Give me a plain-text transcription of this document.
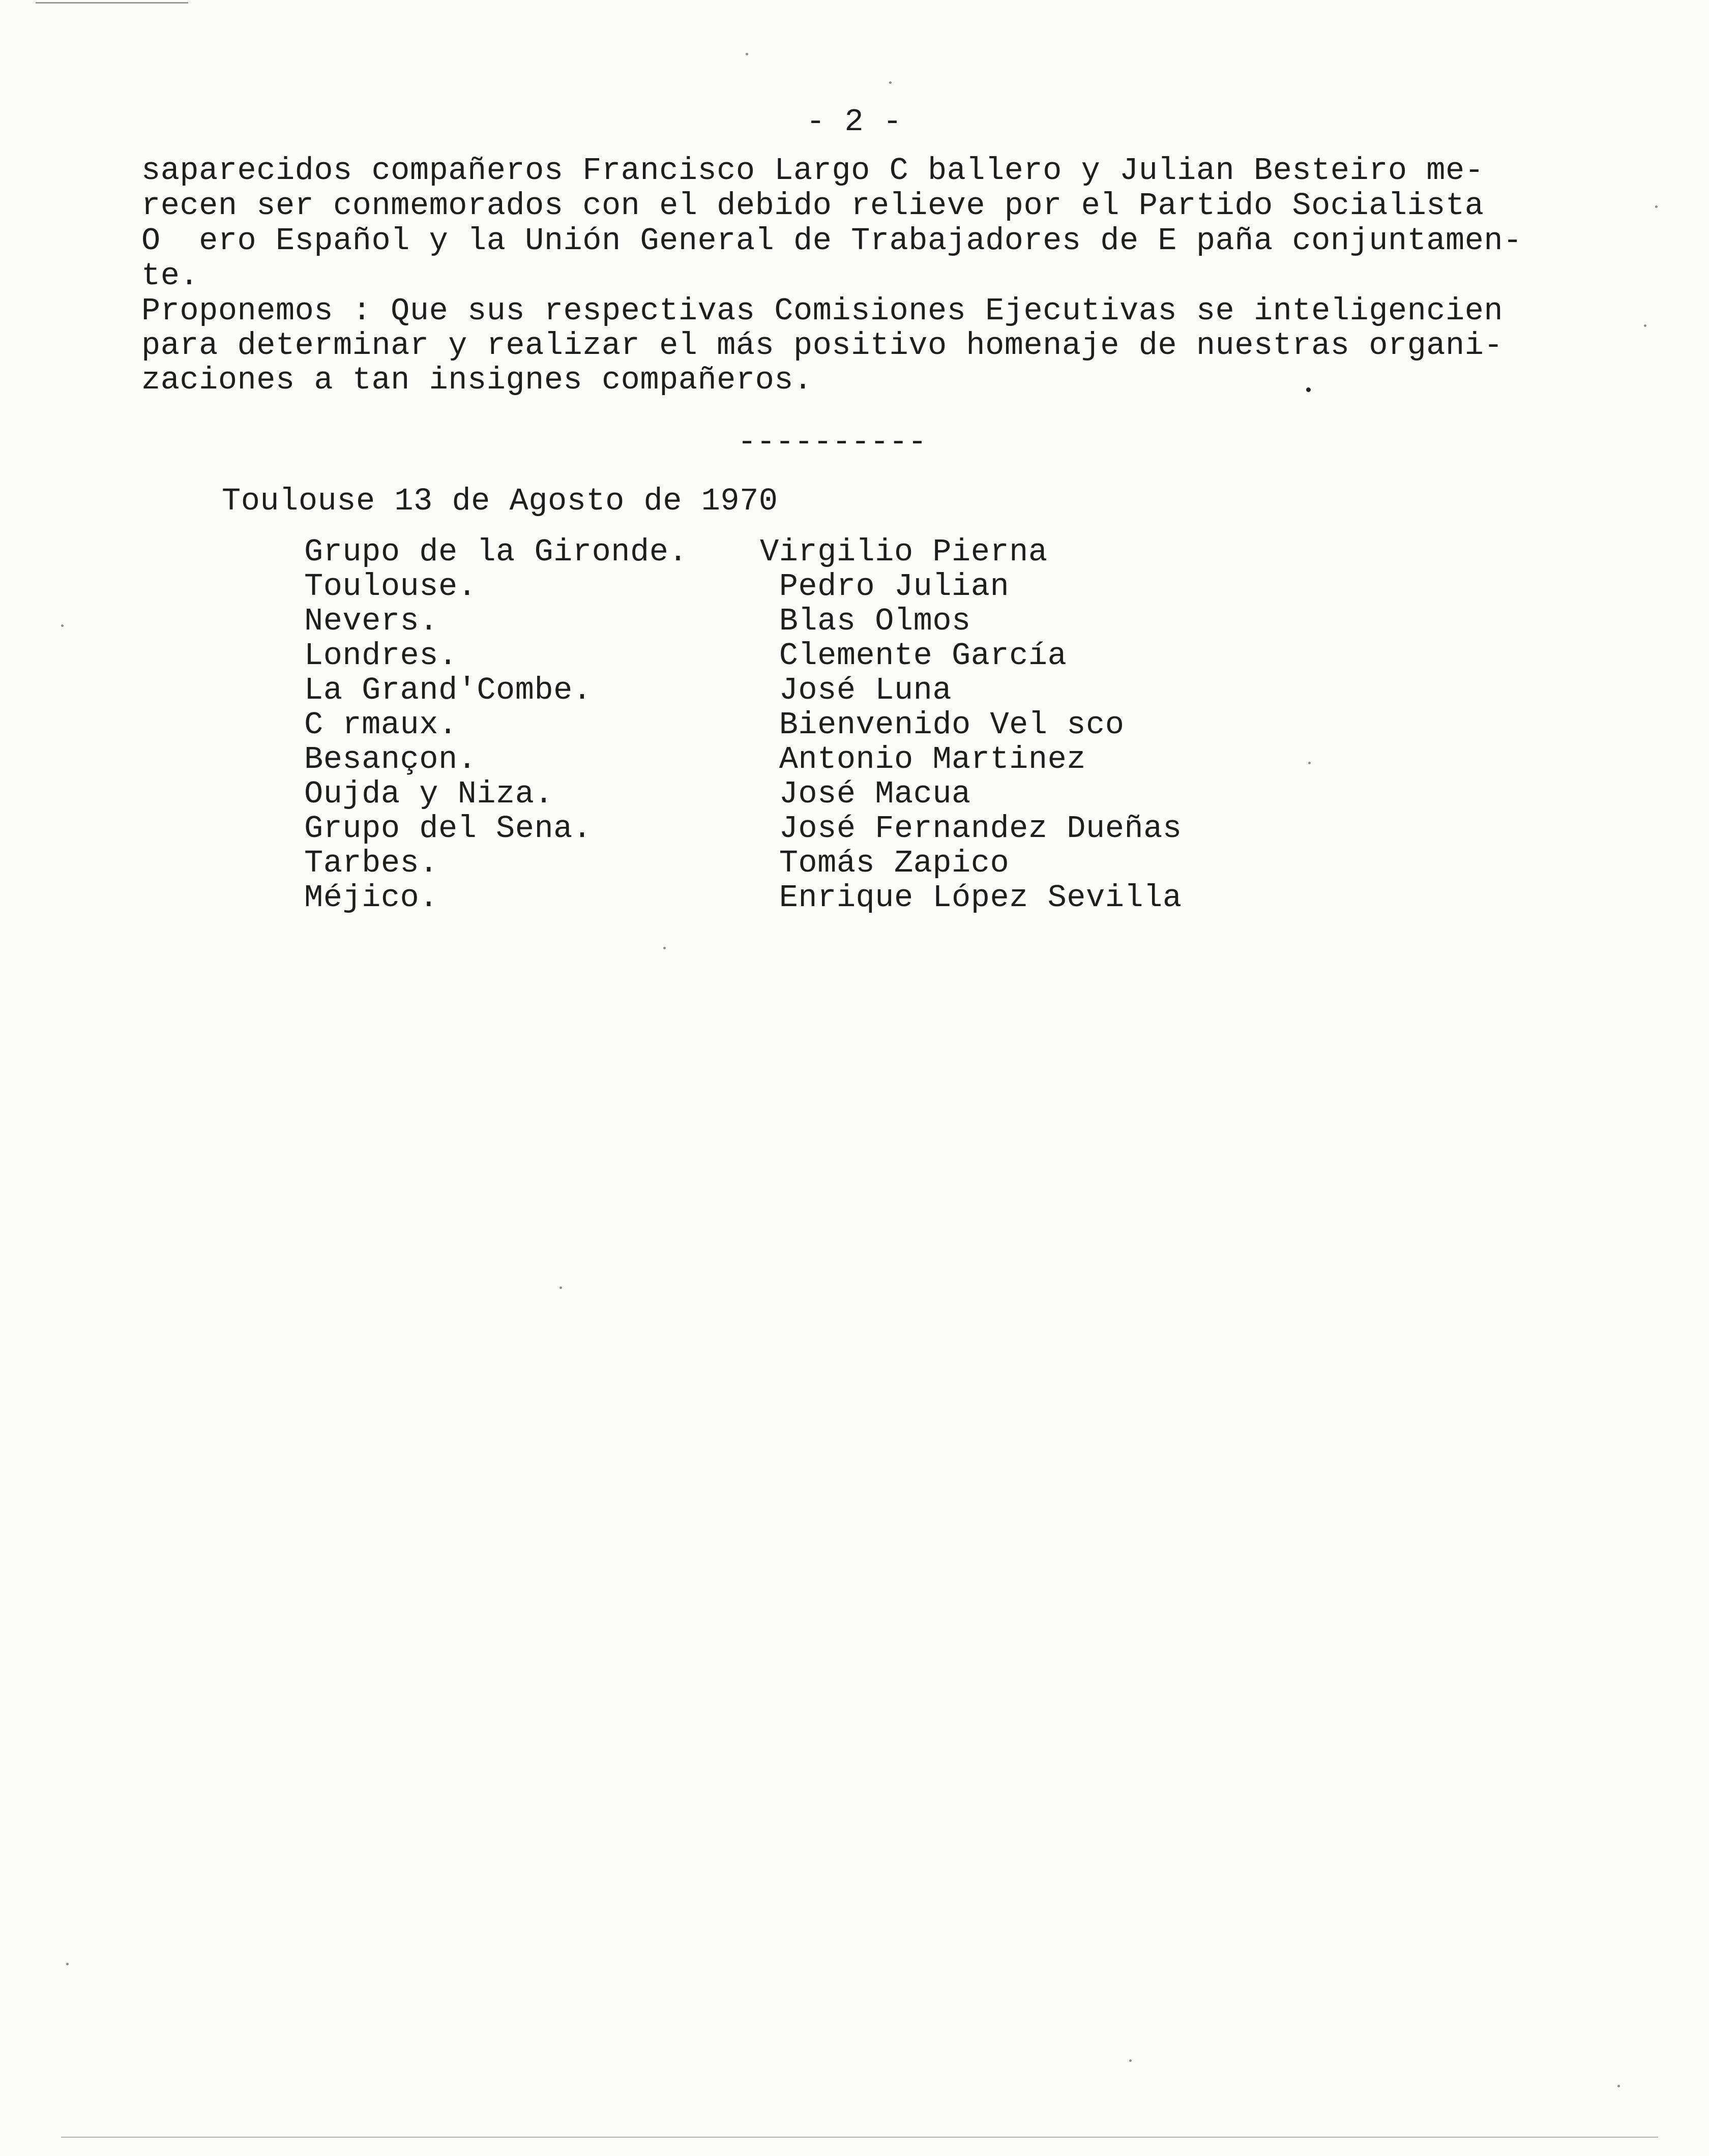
- 2 -
saparecidos compañeros Francisco Largo C ballero y Julian Besteiro me-
recen ser conmemorados con el debido relieve por el Partido Socialista
O  ero Español y la Unión General de Trabajadores de E paña conjuntamen-
te.
Proponemos : Que sus respectivas Comisiones Ejecutivas se inteligencien
para determinar y realizar el más positivo homenaje de nuestras organi-
zaciones a tan insignes compañeros.
----------
Toulouse 13 de Agosto de 1970
Grupo de la Gironde. Virgilio Pierna
Toulouse.	Pedro Julian
Nevers.	Blas Olmos
Londres.	Clemente García
La Grand'Combe.	José Luna
C rmaux.	Bienvenido Vel sco
Besançon.	Antonio Martinez
Oujda y Niza.	José Macua
Grupo del Sena.	José Fernandez Dueñas
Tarbes.	Tomás Zapico
Méjico.	Enrique López Sevilla
